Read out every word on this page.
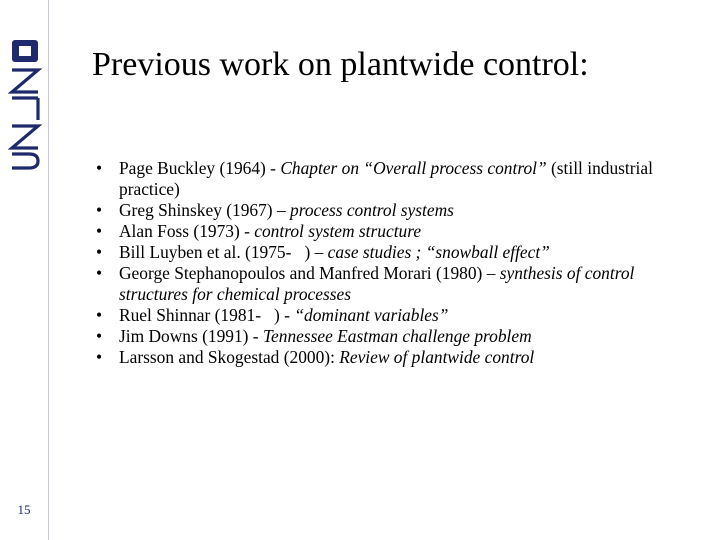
15
Previous work on plantwide control:
• Page Buckley (1964) - Chapter on “Overall process control” (still industrial practice)
• Greg Shinskey (1967) – process control systems
• Alan Foss (1973) - control system structure
• Bill Luyben et al. (1975-   ) – case studies ; “snowball effect”
• George Stephanopoulos and Manfred Morari (1980) – synthesis of control structures for chemical processes
• Ruel Shinnar (1981-   ) - “dominant variables”
• Jim Downs (1991) - Tennessee Eastman challenge problem
• Larsson and Skogestad (2000): Review of plantwide control
